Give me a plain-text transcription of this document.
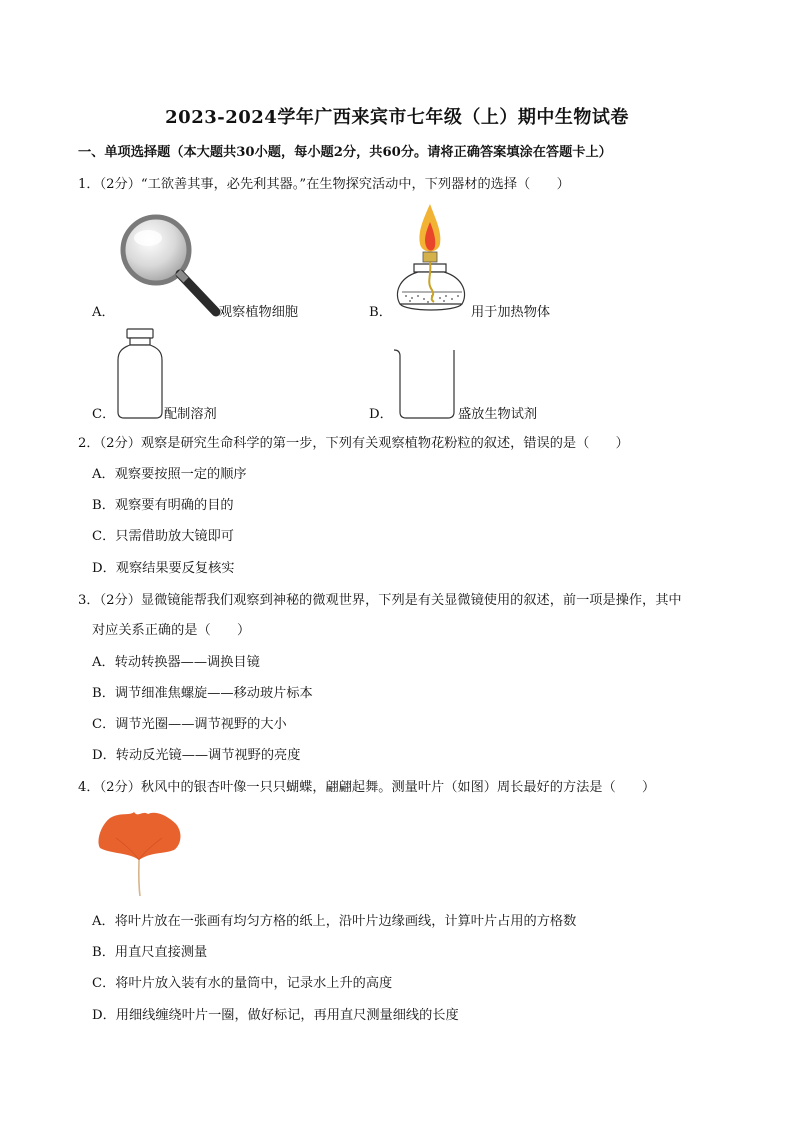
2023-2024学年广西来宾市七年级（上）期中生物试卷
一、单项选择题（本大题共30小题，每小题2分，共60分。请将正确答案填涂在答题卡上）
1．（2分）“工欲善其事，必先利其器。”在生物探究活动中，下列器材的选择（　　）
A．	观察植物细胞	B．	用于加热物体
C．	配制溶剂	D．	盛放生物试剂
2．（2分）观察是研究生命科学的第一步，下列有关观察植物花粉粒的叙述，错误的是（　　）
A．观察要按照一定的顺序
B．观察要有明确的目的
C．只需借助放大镜即可
D．观察结果要反复核实
3．（2分）显微镜能帮我们观察到神秘的微观世界，下列是有关显微镜使用的叙述，前一项是操作，其中
对应关系正确的是（　　）
A．转动转换器——调换目镜
B．调节细准焦螺旋——移动玻片标本
C．调节光圈——调节视野的大小
D．转动反光镜——调节视野的亮度
4．（2分）秋风中的银杏叶像一只只蝴蝶，翩翩起舞。测量叶片（如图）周长最好的方法是（　　）
A．将叶片放在一张画有均匀方格的纸上，沿叶片边缘画线，计算叶片占用的方格数
B．用直尺直接测量
C．将叶片放入装有水的量筒中，记录水上升的高度
D．用细线缠绕叶片一圈，做好标记，再用直尺测量细线的长度
